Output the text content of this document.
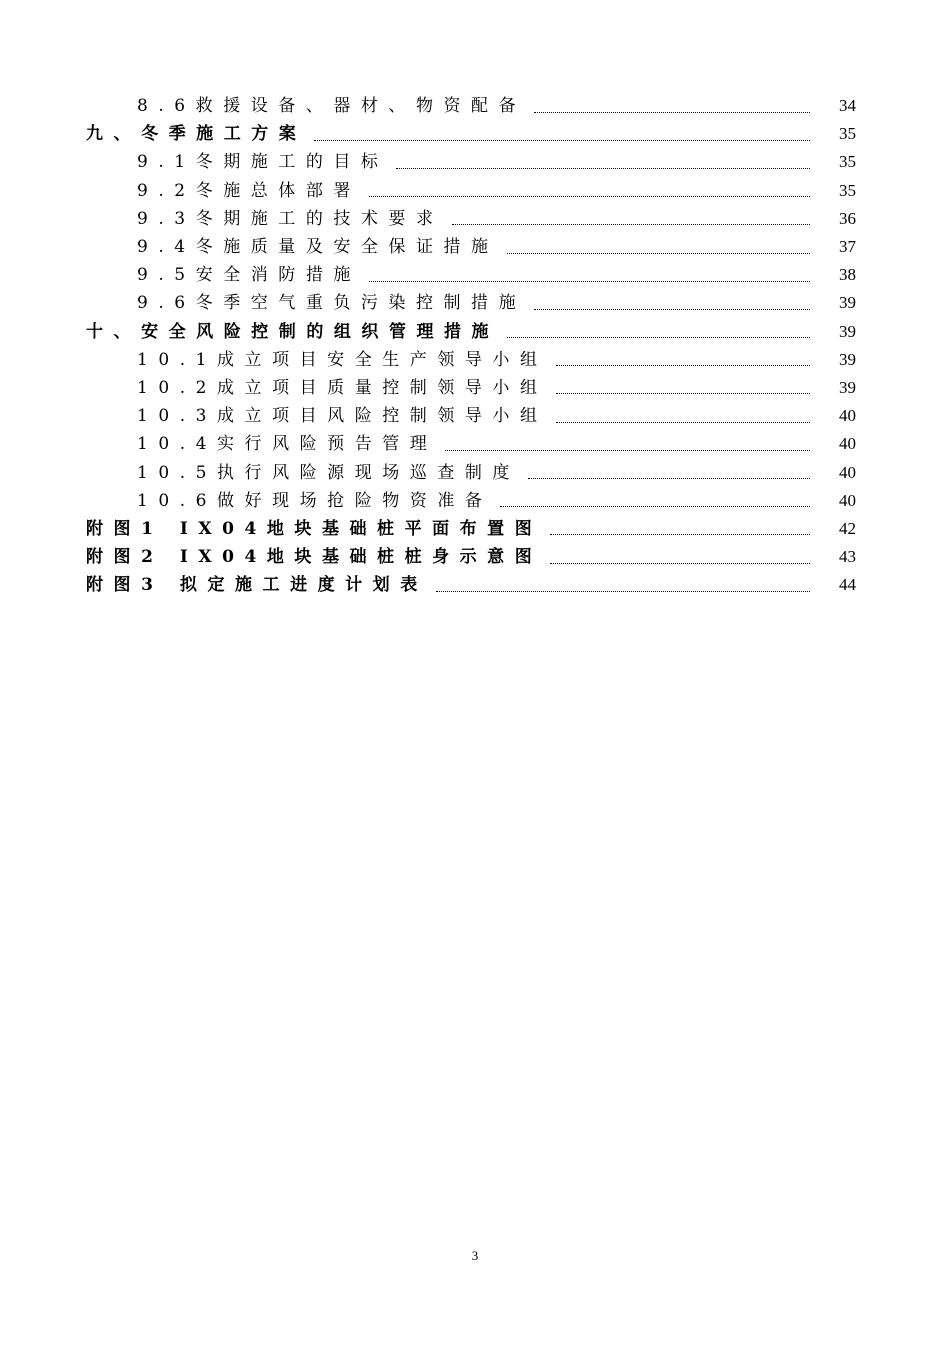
8.6救援设备、器材、物资配备	34
九、冬季施工方案	35
9.1冬期施工的目标	35
9.2冬施总体部署	35
9.3冬期施工的技术要求	36
9.4冬施质量及安全保证措施	37
9.5安全消防措施	38
9.6冬季空气重负污染控制措施	39
十、安全风险控制的组织管理措施	39
10.1成立项目安全生产领导小组	39
10.2成立项目质量控制领导小组	39
10.3成立项目风险控制领导小组	40
10.4实行风险预告管理	40
10.5执行风险源现场巡查制度	40
10.6做好现场抢险物资准备	40
附图1 IX04地块基础桩平面布置图	42
附图2 IX04地块基础桩桩身示意图	43
附图3 拟定施工进度计划表	44
3
